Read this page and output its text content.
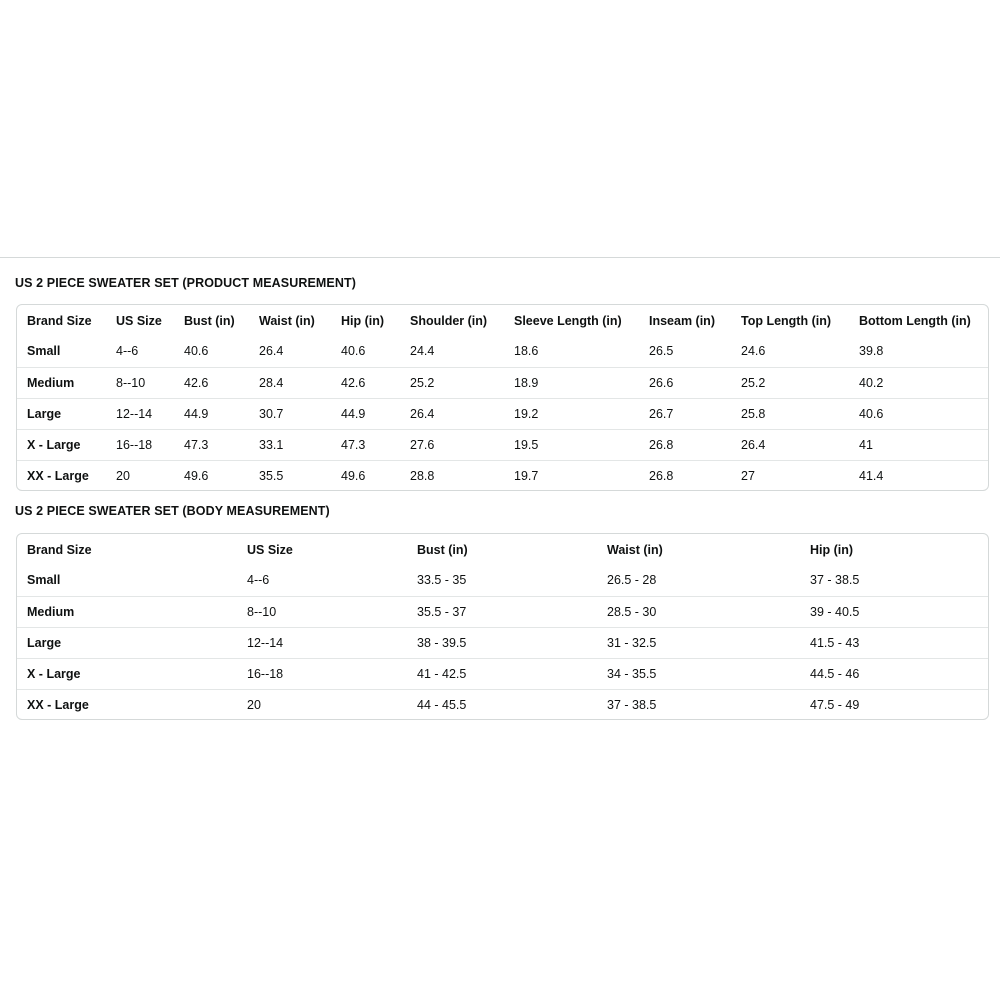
US 2 PIECE SWEATER SET (PRODUCT MEASUREMENT)
Brand Size	US Size	Bust (in)	Waist (in)	Hip (in)	Shoulder (in)	Sleeve Length (in)	Inseam (in)	Top Length (in)	Bottom Length (in)
Small	4--6	40.6	26.4	40.6	24.4	18.6	26.5	24.6	39.8
Medium	8--10	42.6	28.4	42.6	25.2	18.9	26.6	25.2	40.2
Large	12--14	44.9	30.7	44.9	26.4	19.2	26.7	25.8	40.6
X - Large	16--18	47.3	33.1	47.3	27.6	19.5	26.8	26.4	41
XX - Large	20	49.6	35.5	49.6	28.8	19.7	26.8	27	41.4
US 2 PIECE SWEATER SET (BODY MEASUREMENT)
Brand Size	US Size	Bust (in)	Waist (in)	Hip (in)
Small	4--6	33.5 - 35	26.5 - 28	37 - 38.5
Medium	8--10	35.5 - 37	28.5 - 30	39 - 40.5
Large	12--14	38 - 39.5	31 - 32.5	41.5 - 43
X - Large	16--18	41 - 42.5	34 - 35.5	44.5 - 46
XX - Large	20	44 - 45.5	37 - 38.5	47.5 - 49
